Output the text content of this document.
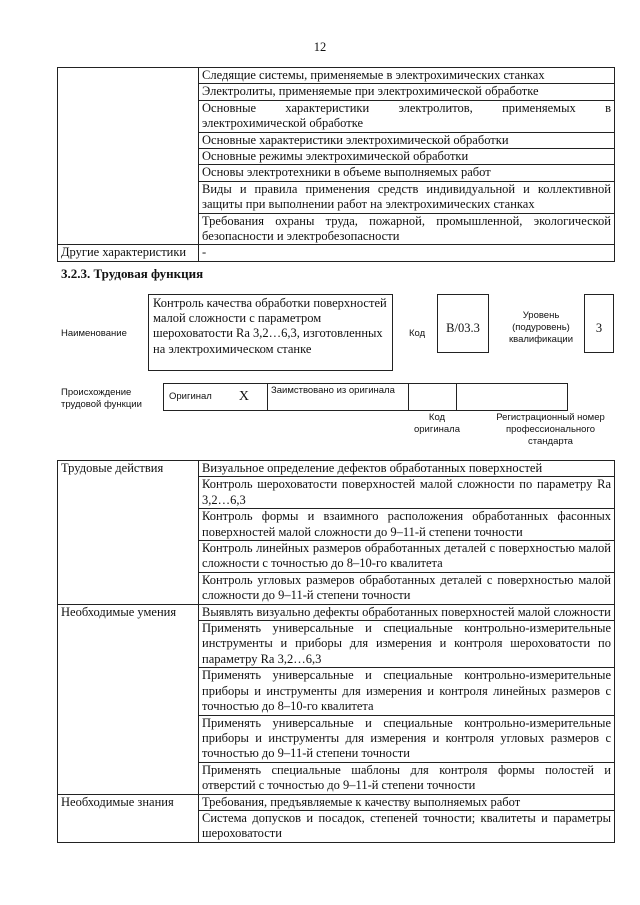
12
	Следящие системы, применяемые в электрохимических станках
	Электролиты, применяемые при электрохимической обработке
	Основные характеристики электролитов, применяемых в электрохимической обработке
	Основные характеристики электрохимической обработки
	Основные режимы электрохимической обработки
	Основы электротехники в объеме выполняемых работ
	Виды и правила применения средств индивидуальной и коллективной защиты при выполнении работ на электрохимических станках
	Требования охраны труда, пожарной, промышленной, экологической безопасности и электробезопасности
Другие характеристики	-
3.2.3. Трудовая функция
Наименование
Контроль качества обработки поверхностей малой сложности с параметром шероховатости Ra 3,2…6,3, изготовленных на электрохимическом станке
Код	B/03.3
Уровень (подуровень) квалификации
3
Происхождение трудовой функции
Оригинал X	Заимствовано из оригинала
Код оригинала
Регистрационный номер профессионального стандарта
Трудовые действия	Визуальное определение дефектов обработанных поверхностей
	Контроль шероховатости поверхностей малой сложности по параметру Ra 3,2…6,3
	Контроль формы и взаимного расположения обработанных фасонных поверхностей малой сложности до 9–11-й степени точности
	Контроль линейных размеров обработанных деталей с поверхностью малой сложности с точностью до 8–10-го квалитета
	Контроль угловых размеров обработанных деталей с поверхностью малой сложности до 9–11-й степени точности
Необходимые умения	Выявлять визуально дефекты обработанных поверхностей малой сложности
	Применять универсальные и специальные контрольно-измерительные инструменты и приборы для измерения и контроля шероховатости по параметру Ra 3,2…6,3
	Применять универсальные и специальные контрольно-измерительные приборы и инструменты для измерения и контроля линейных размеров с точностью до 8–10-го квалитета
	Применять универсальные и специальные контрольно-измерительные приборы и инструменты для измерения и контроля угловых размеров с точностью до 9–11-й степени точности
	Применять специальные шаблоны для контроля формы полостей и отверстий с точностью до 9–11-й степени точности
Необходимые знания	Требования, предъявляемые к качеству выполняемых работ
	Система допусков и посадок, степеней точности; квалитеты и параметры шероховатости
